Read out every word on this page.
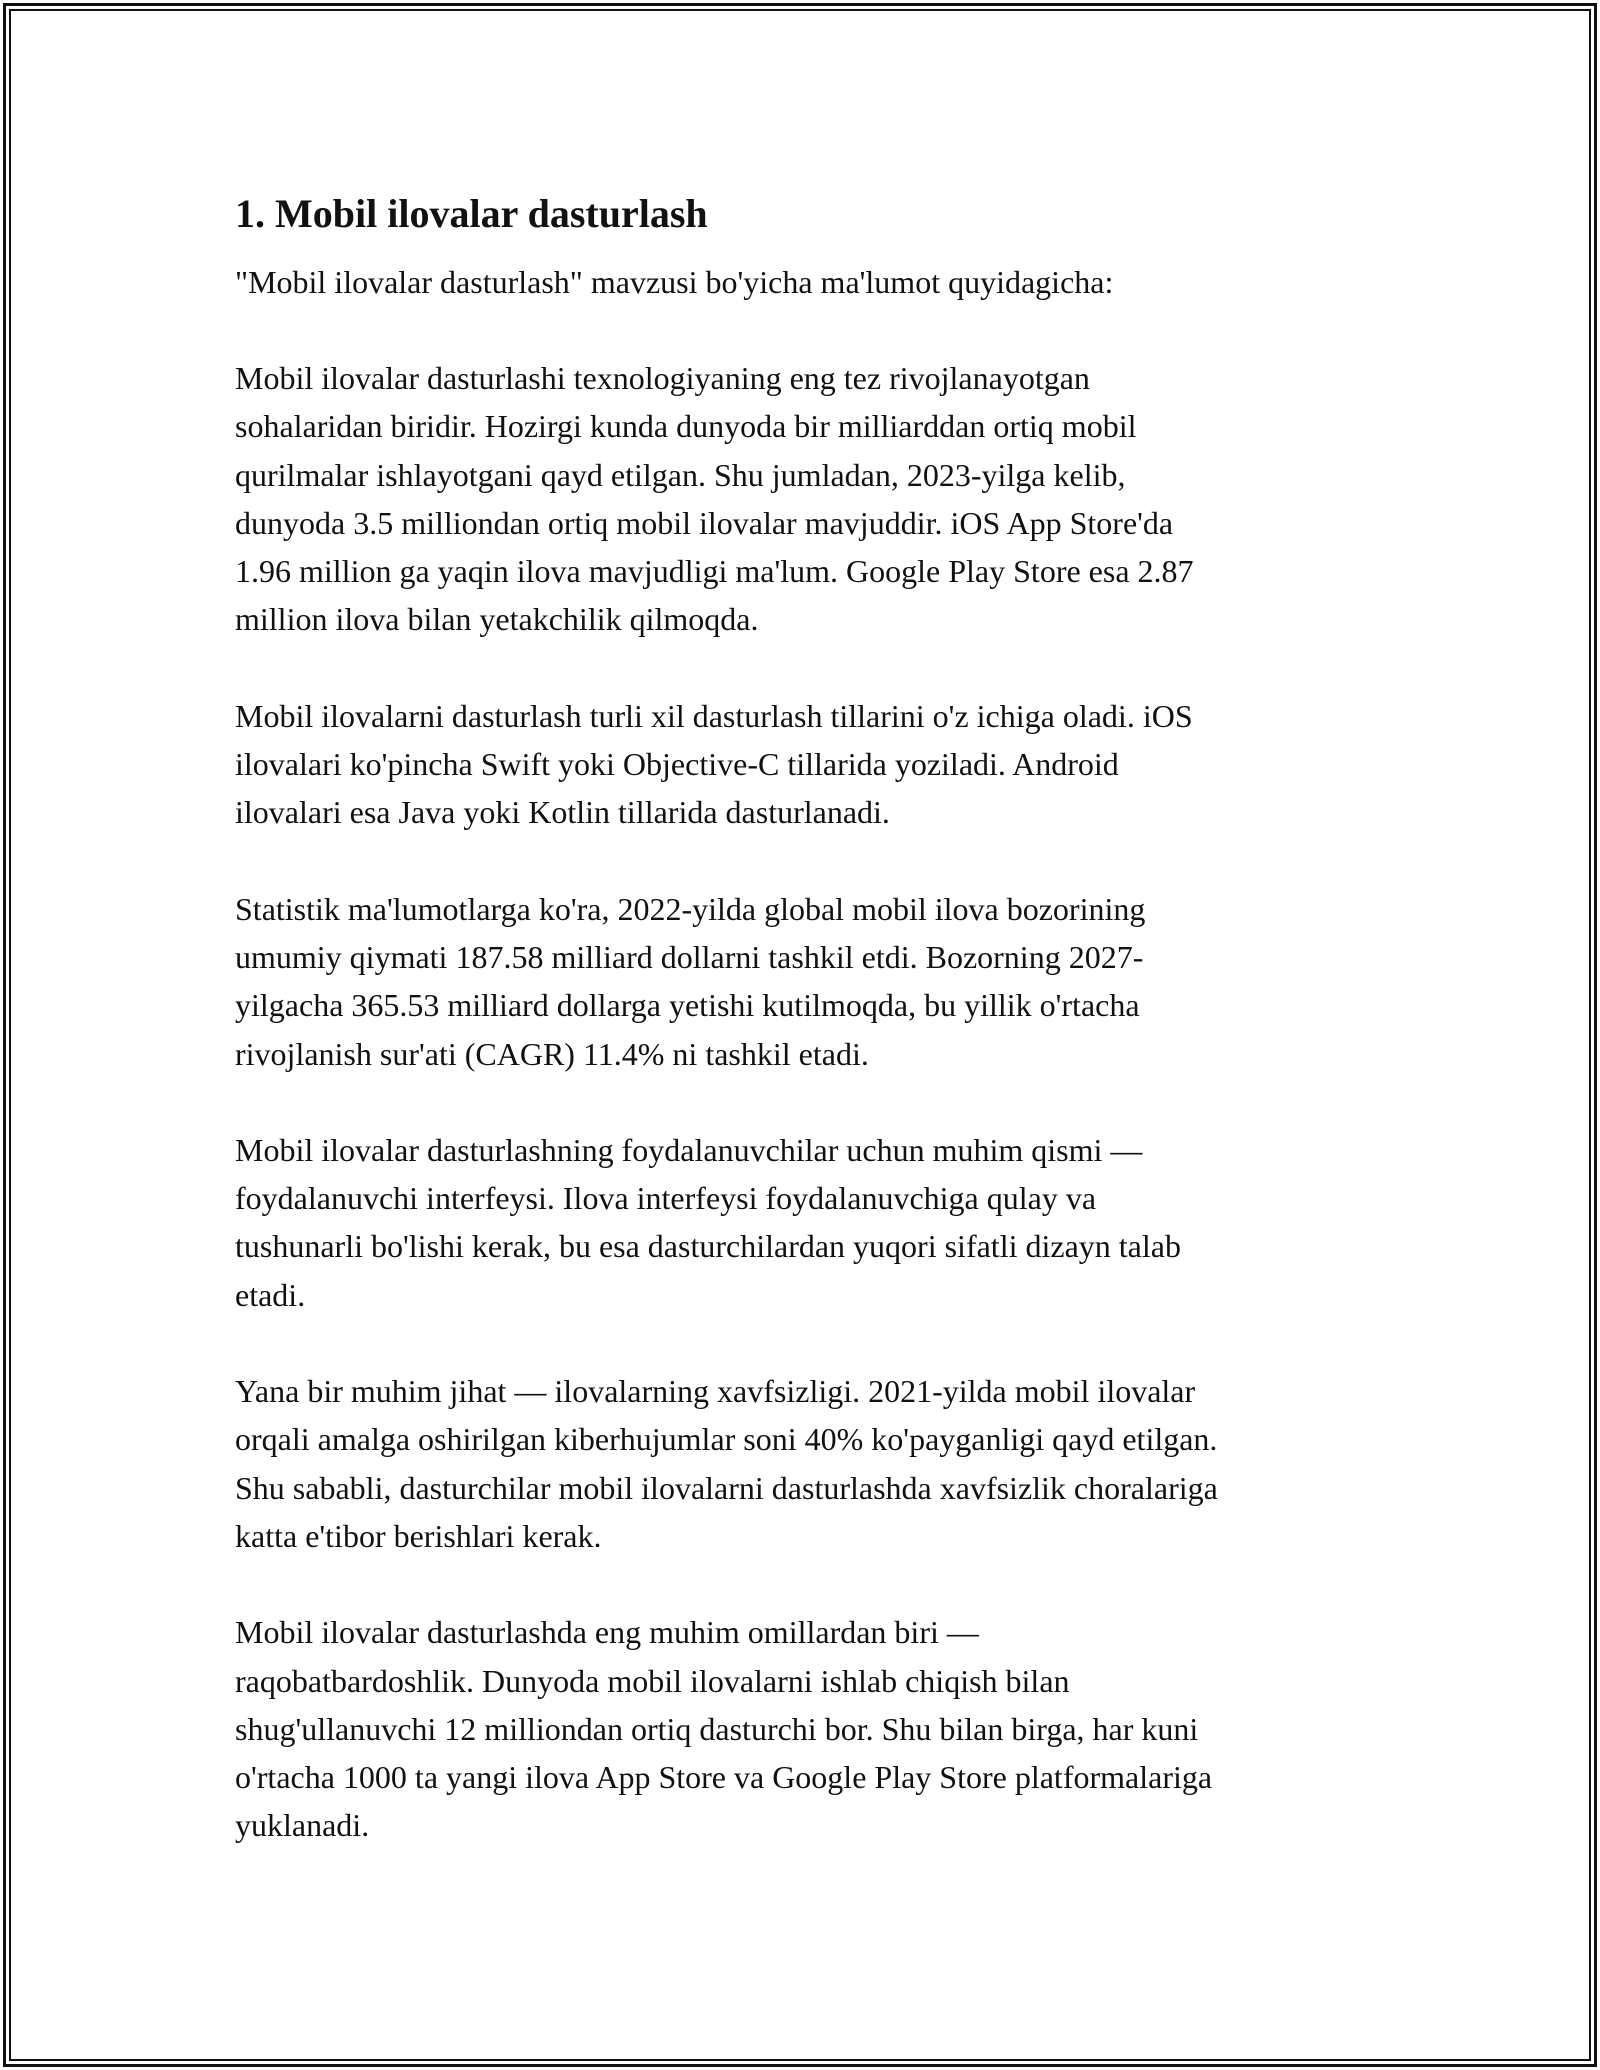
1. Mobil ilovalar dasturlash

"Mobil ilovalar dasturlash" mavzusi bo'yicha ma'lumot quyidagicha:

Mobil ilovalar dasturlashi texnologiyaning eng tez rivojlanayotgan
sohalaridan biridir. Hozirgi kunda dunyoda bir milliarddan ortiq mobil
qurilmalar ishlayotgani qayd etilgan. Shu jumladan, 2023-yilga kelib,
dunyoda 3.5 milliondan ortiq mobil ilovalar mavjuddir. iOS App Store'da
1.96 million ga yaqin ilova mavjudligi ma'lum. Google Play Store esa 2.87
million ilova bilan yetakchilik qilmoqda.

Mobil ilovalarni dasturlash turli xil dasturlash tillarini o'z ichiga oladi. iOS
ilovalari ko'pincha Swift yoki Objective-C tillarida yoziladi. Android
ilovalari esa Java yoki Kotlin tillarida dasturlanadi.

Statistik ma'lumotlarga ko'ra, 2022-yilda global mobil ilova bozorining
umumiy qiymati 187.58 milliard dollarni tashkil etdi. Bozorning 2027-
yilgacha 365.53 milliard dollarga yetishi kutilmoqda, bu yillik o'rtacha
rivojlanish sur'ati (CAGR) 11.4% ni tashkil etadi.

Mobil ilovalar dasturlashning foydalanuvchilar uchun muhim qismi —
foydalanuvchi interfeysi. Ilova interfeysi foydalanuvchiga qulay va
tushunarli bo'lishi kerak, bu esa dasturchilardan yuqori sifatli dizayn talab
etadi.

Yana bir muhim jihat — ilovalarning xavfsizligi. 2021-yilda mobil ilovalar
orqali amalga oshirilgan kiberhujumlar soni 40% ko'payganligi qayd etilgan.
Shu sababli, dasturchilar mobil ilovalarni dasturlashda xavfsizlik choralariga
katta e'tibor berishlari kerak.

Mobil ilovalar dasturlashda eng muhim omillardan biri —
raqobatbardoshlik. Dunyoda mobil ilovalarni ishlab chiqish bilan
shug'ullanuvchi 12 milliondan ortiq dasturchi bor. Shu bilan birga, har kuni
o'rtacha 1000 ta yangi ilova App Store va Google Play Store platformalariga
yuklanadi.
